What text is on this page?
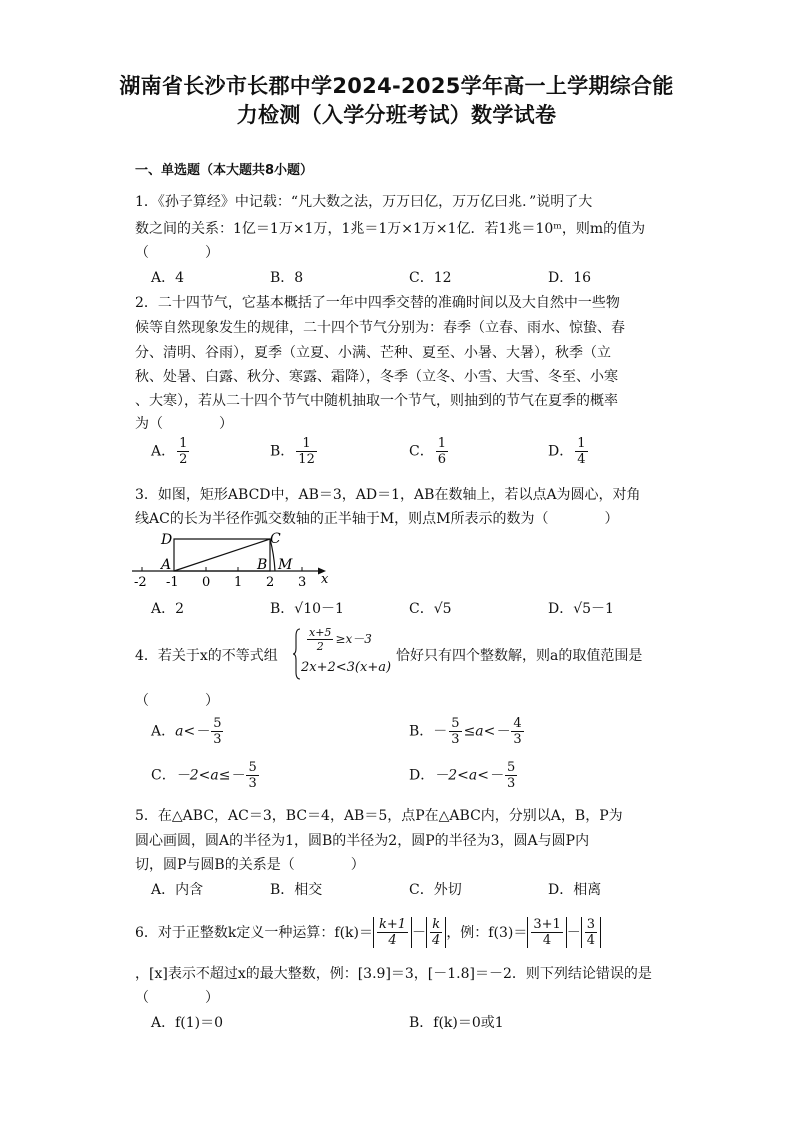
湖南省长沙市长郡中学2024-2025学年高一上学期综合能
力检测（入学分班考试）数学试卷
一、单选题（本大题共8小题）
1．《孙子算经》中记载：“凡大数之法，万万曰亿，万万亿曰兆．”说明了大
数之间的关系：1亿＝1万×1万，1兆＝1万×1万×1亿．若1兆＝10ᵐ，则m的值为
（　　　　）
A．4	B．8	C．12	D．16
2．二十四节气，它基本概括了一年中四季交替的准确时间以及大自然中一些物
候等自然现象发生的规律，二十四个节气分别为：春季（立春、雨水、惊蛰、春
分、清明、谷雨），夏季（立夏、小满、芒种、夏至、小暑、大暑），秋季（立
秋、处暑、白露、秋分、寒露、霜降），冬季（立冬、小雪、大雪、冬至、小寒
、大寒），若从二十四个节气中随机抽取一个节气，则抽到的节气在夏季的概率
为（　　　　）
A． $\frac{1}{2}$	B． $\frac{1}{12}$	C． $\frac{1}{6}$	D． $\frac{1}{4}$
3．如图，矩形ABCD中，AB＝3，AD＝1，AB在数轴上，若以点A为圆心，对角
线AC的长为半径作弧交数轴的正半轴于M，则点M所表示的数为（　　　　）
D	C
A	B M
x
-2 -1 0 1 2 3
A．2	B．√10－1	C．√5	D．√5－1
4．若关于x的不等式组
$\frac{x+5}{2} \ge x-3$
2x+2<3(x+a)
恰好只有四个整数解，则a的取值范围是
（　　　　）
A．$a<- \frac{5}{3}$	B．－ $\frac{5}{3} \le a<- \frac{4}{3}$
C．$-2<a\le- \frac{5}{3}$	D．$-2<a<- \frac{5}{3}$
5．在△ABC，AC＝3，BC＝4，AB＝5，点P在△ABC内，分别以A，B，P为
圆心画圆，圆A的半径为1，圆B的半径为2，圆P的半径为3，圆A与圆P内
切，圆P与圆B的关系是（　　　　）
A．内含	B．相交	C．外切	D．相离
6．对于正整数k定义一种运算：$f(k)= \frac{k+1}{4} - \frac{k}{4}$ ，例：$f(3)= \frac{3+1}{4} - \frac{3}{4}$
，[x]表示不超过x的最大整数，例：[3.9]＝3，[－1.8]＝－2．则下列结论错误的是
（　　　　）
A．f(1)＝0	B．f(k)＝0或1
